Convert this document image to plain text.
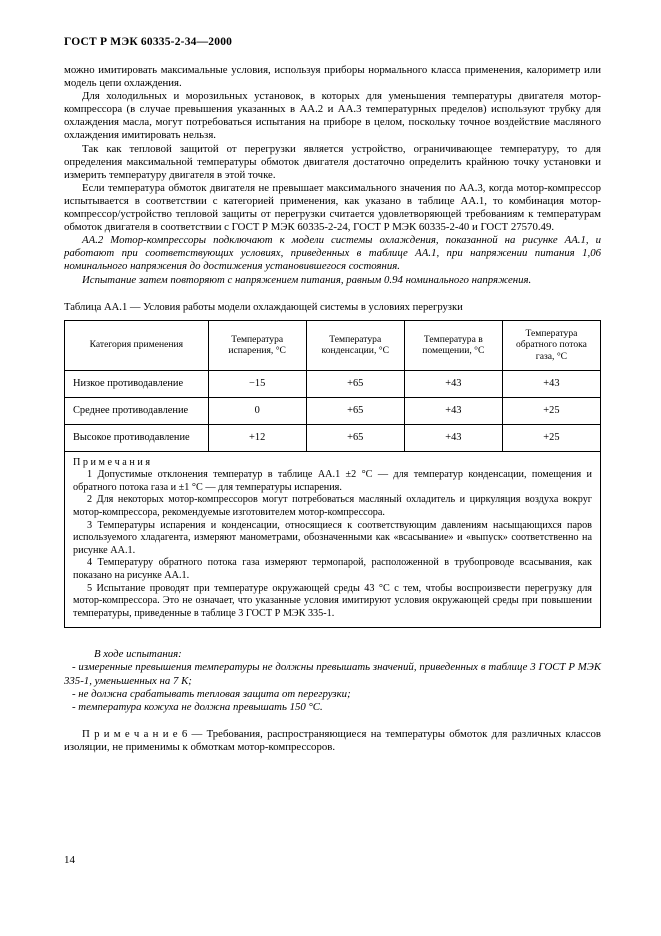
ГОСТ Р МЭК 60335-2-34—2000

можно имитировать максимальные условия, используя приборы нормального класса применения, калориметр или модель цепи охлаждения.

Для холодильных и морозильных установок, в которых для уменьшения температуры двигателя мотор-компрессора (в случае превышения указанных в АА.2 и АА.3 температурных пределов) используют трубку для охлаждения масла, могут потребоваться испытания на приборе в целом, поскольку точное воздействие масляного охлаждения имитировать нельзя.

Так как тепловой защитой от перегрузки является устройство, ограничивающее температуру, то для определения максимальной температуры обмоток двигателя достаточно определить крайнюю точку установки и измерить температуру двигателя в этой точке.

Если температура обмоток двигателя не превышает максимального значения по АА.3, когда мотор-компрессор испытывается в соответствии с категорией применения, как указано в таблице АА.1, то комбинация мотор-компрессор/устройство тепловой защиты от перегрузки считается удовлетворяющей требованиям к температурам обмоток двигателя в соответствии с ГОСТ Р МЭК 60335-2-24, ГОСТ Р МЭК 60335-2-40 и ГОСТ 27570.49.

АА.2 Мотор-компрессоры подключают к модели системы охлаждения, показанной на рисунке АА.1, и работают при соответствующих условиях, приведенных в таблице АА.1, при напряжении питания 1,06 номинального напряжения до достижения установившегося состояния.

Испытание затем повторяют с напряжением питания, равным 0.94 номинального напряжения.

Таблица АА.1 — Условия работы модели охлаждающей системы в условиях перегрузки

Категория применения	Температура испарения, °С	Температура конденсации, °С	Температура в помещении, °С	Температура обратного потока газа, °С
Низкое противодавление	−15	+65	+43	+43
Среднее противодавление	0	+65	+43	+25
Высокое противодавление	+12	+65	+43	+25

П р и м е ч а н и я

1 Допустимые отклонения температур в таблице АА.1 ±2 °С — для температур конденсации, помещения и обратного потока газа и ±1 °С — для температуры испарения.

2 Для некоторых мотор-компрессоров могут потребоваться масляный охладитель и циркуляция воздуха вокруг мотор-компрессора, рекомендуемые изготовителем мотор-компрессора.

3 Температуры испарения и конденсации, относящиеся к соответствующим давлениям насыщающихся паров используемого хладагента, измеряют манометрами, обозначенными как «всасывание» и «выпуск» соответственно на рисунке АА.1.

4 Температуру обратного потока газа измеряют термопарой, расположенной в трубопроводе всасывания, как показано на рисунке АА.1.

5 Испытание проводят при температуре окружающей среды 43 °С с тем, чтобы воспроизвести перегрузку для мотор-компрессора. Это не означает, что указанные условия имитируют условия окружающей среды при повышении температуры, приведенные в таблице 3 ГОСТ Р МЭК 335-1.

В ходе испытания:

- измеренные превышения температуры не должны превышать значений, приведенных в таблице 3 ГОСТ Р МЭК 335-1, уменьшенных на 7 К;

- не должна срабатывать тепловая защита от перегрузки;

- температура кожуха не должна превышать 150 °С.

П р и м е ч а н и е 6 — Требования, распространяющиеся на температуры обмоток для различных классов изоляции, не применимы к обмоткам мотор-компрессоров.

14
